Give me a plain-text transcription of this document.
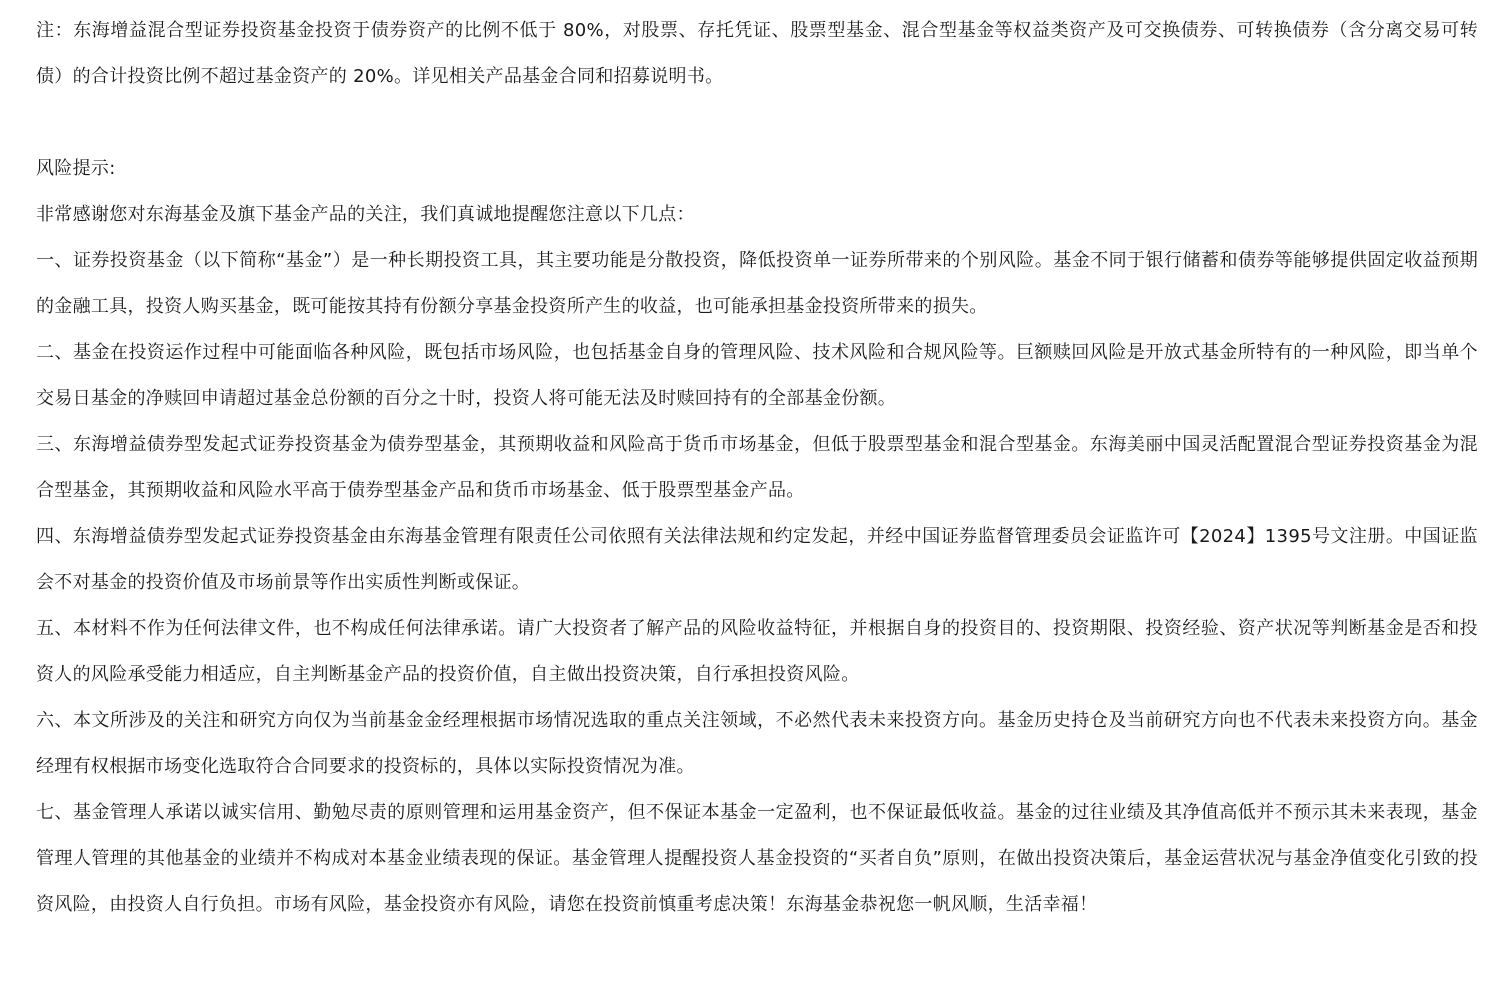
注：东海增益混合型证券投资基金投资于债券资产的比例不低于 80%，对股票、存托凭证、股票型基金、混合型基金等权益类资产及可交换债券、可转换债券（含分离交易可转债）的合计投资比例不超过基金资产的 20%。详见相关产品基金合同和招募说明书。

风险提示:

非常感谢您对东海基金及旗下基金产品的关注，我们真诚地提醒您注意以下几点：

一、证券投资基金（以下简称“基金”）是一种长期投资工具，其主要功能是分散投资，降低投资单一证券所带来的个别风险。基金不同于银行储蓄和债券等能够提供固定收益预期的金融工具，投资人购买基金，既可能按其持有份额分享基金投资所产生的收益，也可能承担基金投资所带来的损失。

二、基金在投资运作过程中可能面临各种风险，既包括市场风险，也包括基金自身的管理风险、技术风险和合规风险等。巨额赎回风险是开放式基金所特有的一种风险，即当单个交易日基金的净赎回申请超过基金总份额的百分之十时，投资人将可能无法及时赎回持有的全部基金份额。

三、东海增益债券型发起式证券投资基金为债券型基金，其预期收益和风险高于货币市场基金，但低于股票型基金和混合型基金。东海美丽中国灵活配置混合型证券投资基金为混合型基金，其预期收益和风险水平高于债券型基金产品和货币市场基金、低于股票型基金产品。

四、东海增益债券型发起式证券投资基金由东海基金管理有限责任公司依照有关法律法规和约定发起，并经中国证券监督管理委员会证监许可【2024】1395号文注册。中国证监会不对基金的投资价值及市场前景等作出实质性判断或保证。

五、本材料不作为任何法律文件，也不构成任何法律承诺。请广大投资者了解产品的风险收益特征，并根据自身的投资目的、投资期限、投资经验、资产状况等判断基金是否和投资人的风险承受能力相适应，自主判断基金产品的投资价值，自主做出投资决策，自行承担投资风险。

六、本文所涉及的关注和研究方向仅为当前基金金经理根据市场情况选取的重点关注领域，不必然代表未来投资方向。基金历史持仓及当前研究方向也不代表未来投资方向。基金经理有权根据市场变化选取符合合同要求的投资标的，具体以实际投资情况为准。

七、基金管理人承诺以诚实信用、勤勉尽责的原则管理和运用基金资产，但不保证本基金一定盈利，也不保证最低收益。基金的过往业绩及其净值高低并不预示其未来表现，基金管理人管理的其他基金的业绩并不构成对本基金业绩表现的保证。基金管理人提醒投资人基金投资的“买者自负”原则，在做出投资决策后，基金运营状况与基金净值变化引致的投资风险，由投资人自行负担。市场有风险，基金投资亦有风险，请您在投资前慎重考虑决策！东海基金恭祝您一帆风顺，生活幸福！
